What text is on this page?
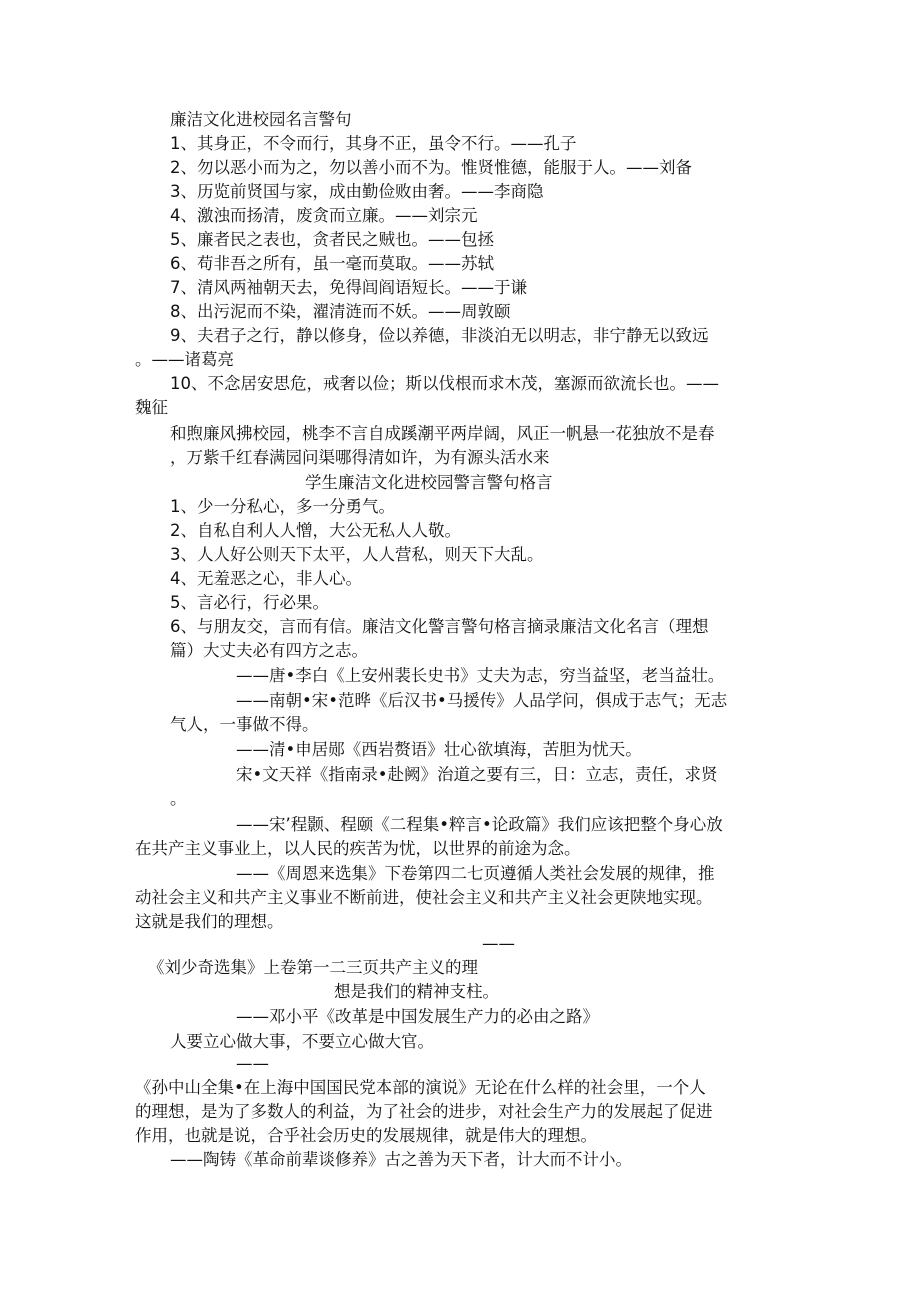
廉洁文化进校园名言警句
1、其身正，不令而行，其身不正，虽令不行。——孔子
2、勿以恶小而为之，勿以善小而不为。惟贤惟德，能服于人。——刘备
3、历览前贤国与家，成由勤俭败由奢。——李商隐
4、激浊而扬清，废贪而立廉。——刘宗元
5、廉者民之表也，贪者民之贼也。——包拯
6、苟非吾之所有，虽一毫而莫取。——苏轼
7、清风两袖朝天去，免得闾阎语短长。——于谦
8、出污泥而不染，濯清涟而不妖。——周敦颐
9、夫君子之行，静以修身，俭以养德，非淡泊无以明志，非宁静无以致远
。——诸葛亮
10、不念居安思危，戒奢以俭；斯以伐根而求木茂，塞源而欲流长也。——
魏征
和煦廉风拂校园，桃李不言自成蹊潮平两岸阔，风正一帆悬一花独放不是春
，万紫千红春满园问渠哪得清如许，为有源头活水来
学生廉洁文化进校园警言警句格言
1、少一分私心，多一分勇气。
2、自私自利人人憎，大公无私人人敬。
3、人人好公则天下太平，人人营私，则天下大乱。
4、无羞恶之心，非人心。
5、言必行，行必果。
6、与朋友交，言而有信。廉洁文化警言警句格言摘录廉洁文化名言（理想
篇）大丈夫必有四方之志。
——唐•李白《上安州裴长史书》丈夫为志，穷当益坚，老当益壮。
——南朝•宋•范晔《后汉书•马援传》人品学问，俱成于志气；无志
气人，一事做不得。
——清•申居郧《西岩赘语》壮心欲填海，苦胆为忧天。
宋•文天祥《指南录•赴阙》治道之要有三，日：立志，责任，求贤
。
——宋’程颢、程颐《二程集•粹言•论政篇》我们应该把整个身心放
在共产主义事业上，以人民的疾苦为忧，以世界的前途为念。
——《周恩来选集》下卷第四二七页遵循人类社会发展的规律，推
动社会主义和共产主义事业不断前进，使社会主义和共产主义社会更陕地实现。
这就是我们的理想。
——
《刘少奇选集》上卷第一二三页共产主义的理
想是我们的精神支柱。
——邓小平《改革是中国发展生产力的必由之路》
人要立心做大事，不要立心做大官。
——
《孙中山全集•在上海中国国民党本部的演说》无论在什么样的社会里，一个人
的理想，是为了多数人的利益，为了社会的进步，对社会生产力的发展起了促进
作用，也就是说，合乎社会历史的发展规律，就是伟大的理想。
——陶铸《革命前辈谈修养》古之善为天下者，计大而不计小。
